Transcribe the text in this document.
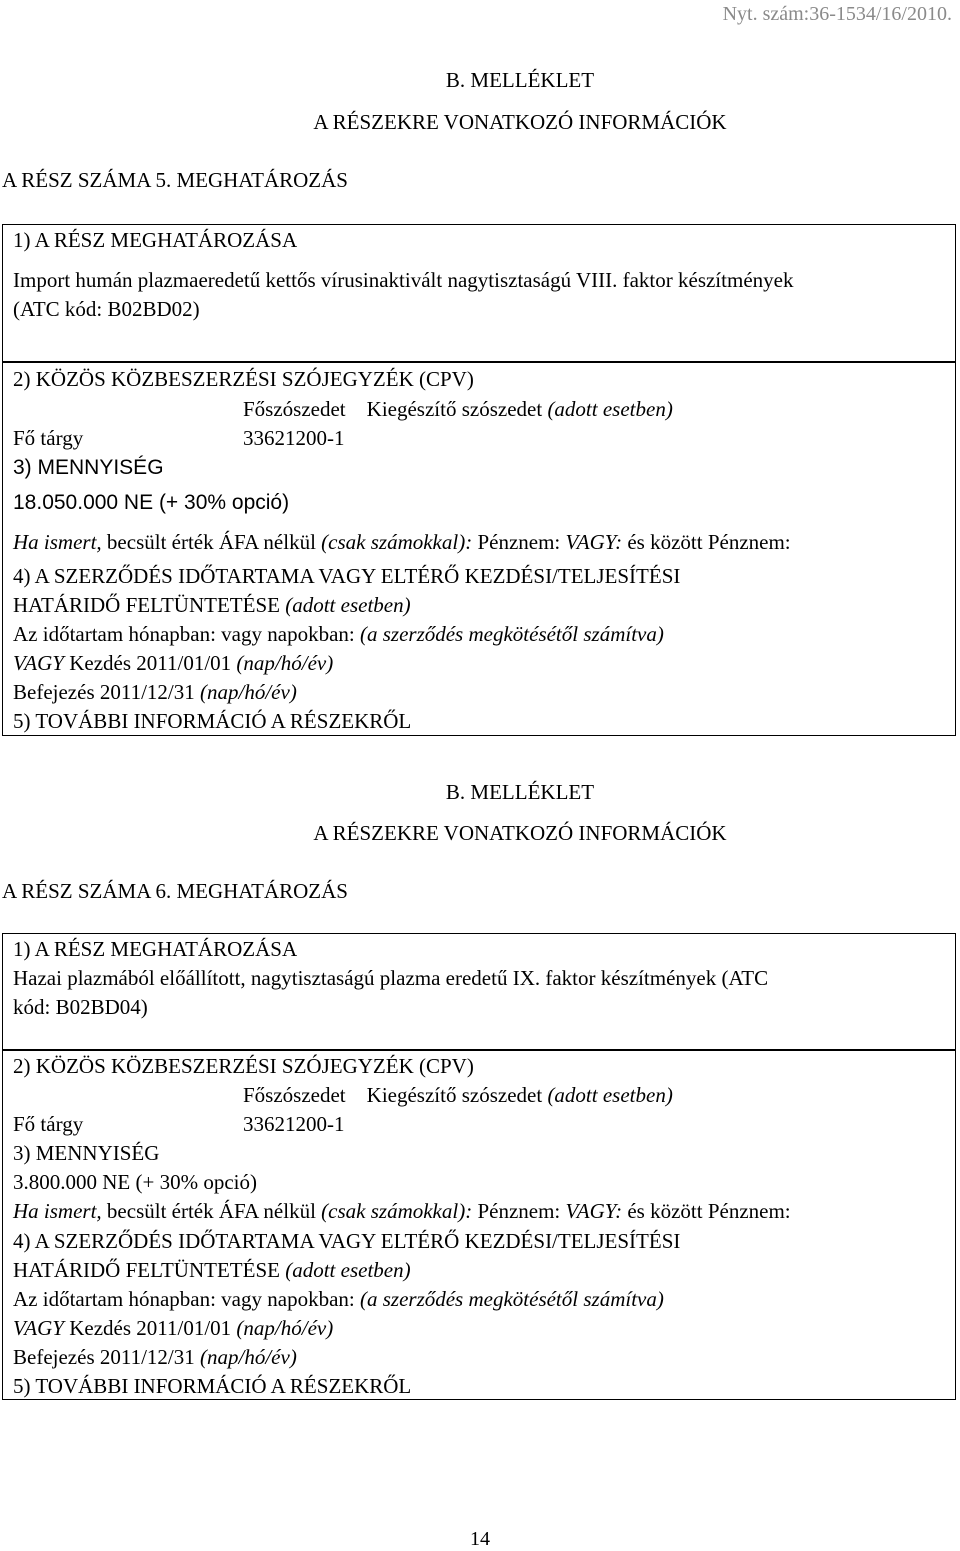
Nyt. szám:36-1534/16/2010.
B. MELLÉKLET
A RÉSZEKRE VONATKOZÓ INFORMÁCIÓK
A RÉSZ SZÁMA 5. MEGHATÁROZÁS
1) A RÉSZ MEGHATÁROZÁSA
Import humán plazmaeredetű kettős vírusinaktivált nagytisztaságú VIII. faktor készítmények
(ATC kód: B02BD02)
2) KÖZÖS KÖZBESZERZÉSI SZÓJEGYZÉK (CPV)
Főszószedet Kiegészítő szószedet (adott esetben)
Fő tárgy	33621200-1
3) MENNYISÉG
18.050.000 NE (+ 30% opció)
Ha ismert, becsült érték ÁFA nélkül (csak számokkal): Pénznem: VAGY: és között Pénznem:
4) A SZERZŐDÉS IDŐTARTAMA VAGY ELTÉRŐ KEZDÉSI/TELJESÍTÉSI
HATÁRIDŐ FELTÜNTETÉSE (adott esetben)
Az időtartam hónapban: vagy napokban: (a szerződés megkötésétől számítva)
VAGY Kezdés 2011/01/01 (nap/hó/év)
Befejezés 2011/12/31 (nap/hó/év)
5) TOVÁBBI INFORMÁCIÓ A RÉSZEKRŐL
B. MELLÉKLET
A RÉSZEKRE VONATKOZÓ INFORMÁCIÓK
A RÉSZ SZÁMA 6. MEGHATÁROZÁS
1) A RÉSZ MEGHATÁROZÁSA
Hazai plazmából előállított, nagytisztaságú plazma eredetű IX. faktor készítmények (ATC
kód: B02BD04)
2) KÖZÖS KÖZBESZERZÉSI SZÓJEGYZÉK (CPV)
Főszószedet Kiegészítő szószedet (adott esetben)
Fő tárgy	33621200-1
3) MENNYISÉG
3.800.000 NE (+ 30% opció)
Ha ismert, becsült érték ÁFA nélkül (csak számokkal): Pénznem: VAGY: és között Pénznem:
4) A SZERZŐDÉS IDŐTARTAMA VAGY ELTÉRŐ KEZDÉSI/TELJESÍTÉSI
HATÁRIDŐ FELTÜNTETÉSE (adott esetben)
Az időtartam hónapban: vagy napokban: (a szerződés megkötésétől számítva)
VAGY Kezdés 2011/01/01 (nap/hó/év)
Befejezés 2011/12/31 (nap/hó/év)
5) TOVÁBBI INFORMÁCIÓ A RÉSZEKRŐL
14
